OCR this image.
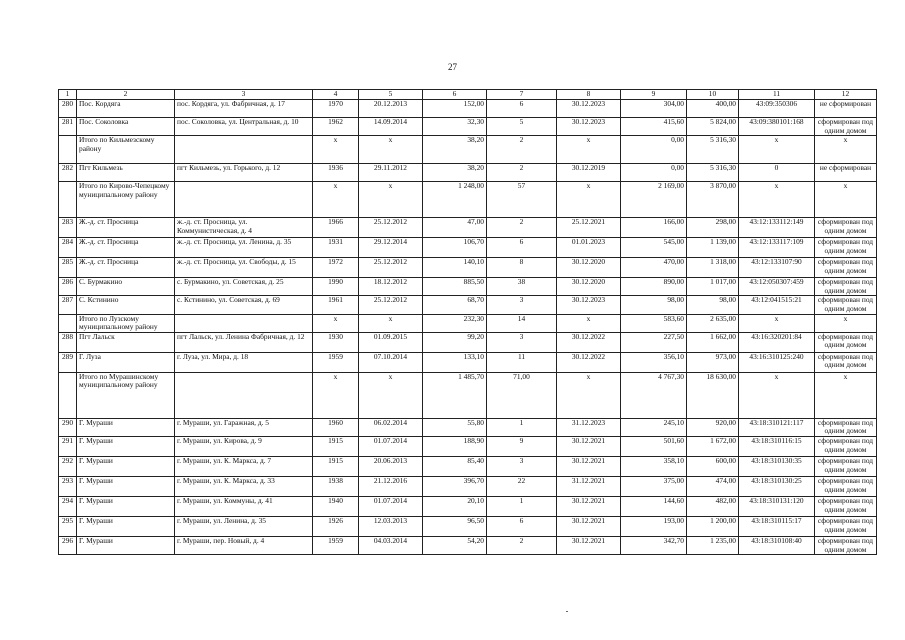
27
1	2	3	4	5	6	7	8	9	10	11	12
280	Пос. Кордяга	пос. Кордяга, ул. Фабричная, д. 17	1970	20.12.2013	152,00	6	30.12.2023	304,00	400,00	43:09:350306	не сформирован
281	Пос. Сокол​овка	пос. Соколовка, ул. Центральная, д. 10	1962	14.09.2014	32,30	5	30.12.2023	415,60	5 824,00	43:09:380101:168	сформирован под одним домом
	Итого по Кильмезскому району		x	x	38,20	2	x	0,00	5 316,30	x	x
282	Пгт Кильмезь	пгт Кильмезь, ул. Горького, д. 12	1936	29.11.2012	38,20	2	30.12.2019	0,00	5 316,30	0	не сформирован
	Итого по Кирово-Чепецкому муниципальному району		x	x	1 248,00	57	x	2 169,00	3 870,00	x	x
283	Ж.-д. ст. Просница	ж.-д. ст. Просница, ул. Коммунистическая, д. 4	1966	25.12.2012	47,00	2	25.12.2021	166,00	298,00	43:12:133112:149	сформирован под одним домом
284	Ж.-д. ст. Просница	ж.-д. ст. Просница, ул. Ленина, д. 35	1931	29.12.2014	106,70	6	01.01.2023	545,00	1 139,00	43:12:133117:109	сформирован под одним домом
285	Ж.-д. ст. Просница	ж.-д. ст. Просница, ул. Свободы, д. 15	1972	25.12.2012	140,10	8	30.12.2020	470,00	1 318,00	43:12:133107:90	сформирован под одним домом
286	С. Бурмакино	с. Бурмакино, ул. Советская, д. 25	1990	18.12.2012	885,50	38	30.12.2020	890,00	1 017,00	43:12:050307:459	сформирован под одним домом
287	С. Кстинино	с. Кстинино, ул. Советская, д. 69	1961	25.12.2012	68,70	3	30.12.2023	98,00	98,00	43:12:041515:21	сформирован под одним домом
	Итого по Лузскому муниципальному району		x	x	232,30	14	x	583,60	2 635,00	x	x
288	Пгт Лальск	пгт Лальск, ул. Ленина Фабричная, д. 12	1930	01.09.2015	99,20	3	30.12.2022	227,50	1 662,00	43:16:320201:84	сформирован под одним домом
289	Г. Луза	г. Луза, ул. Мира, д. 18	1959	07.10.2014	133,10	11	30.12.2022	356,10	973,00	43:16:310125:240	сформирован под одним домом
	Итого по Мурашинскому муниципальному району		x	x	1 485,70	71,00	x	4 767,30	18 630,00	x	x
290	Г. Мураши	г. Мураши, ул. Гаражная, д. 5	1960	06.02.2014	55,80	1	31.12.2023	245,10	920,00	43:18:310121:117	сформирован под одним домом
291	Г. Мураши	г. Мураши, ул. Кирова, д. 9	1915	01.07.2014	188,90	9	30.12.2021	501,60	1 672,00	43:18:310116:15	сформирован под одним домом
292	Г. Мураши	г. Мураши, ул. К. Маркса, д. 7	1915	20.06.2013	85,40	3	30.12.2021	358,10	600,00	43:18:310130:35	сформирован под одним домом
293	Г. Мураши	г. Мураши, ул. К. Маркса, д. 33	1938	21.12.2016	396,70	22	31.12.2021	375,00	474,00	43:18:310130:25	сформирован под одним домом
294	Г. Мураши	г. Мураши, ул. Коммуны, д. 41	1940	01.07.2014	20,10	1	30.12.2021	144,60	482,00	43:18:310131:120	сформирован под одним домом
295	Г. Мураши	г. Мураши, ул. Ленина, д. 35	1926	12.03.2013	96,50	6	30.12.2021	193,00	1 200,00	43:18:310115:17	сформирован под одним домом
296	Г. Мураши	г. Мураши, пер. Новый, д. 4	1959	04.03.2014	54,20	2	30.12.2021	342,70	1 235,00	43:18:310108:40	сформирован под одним домом
